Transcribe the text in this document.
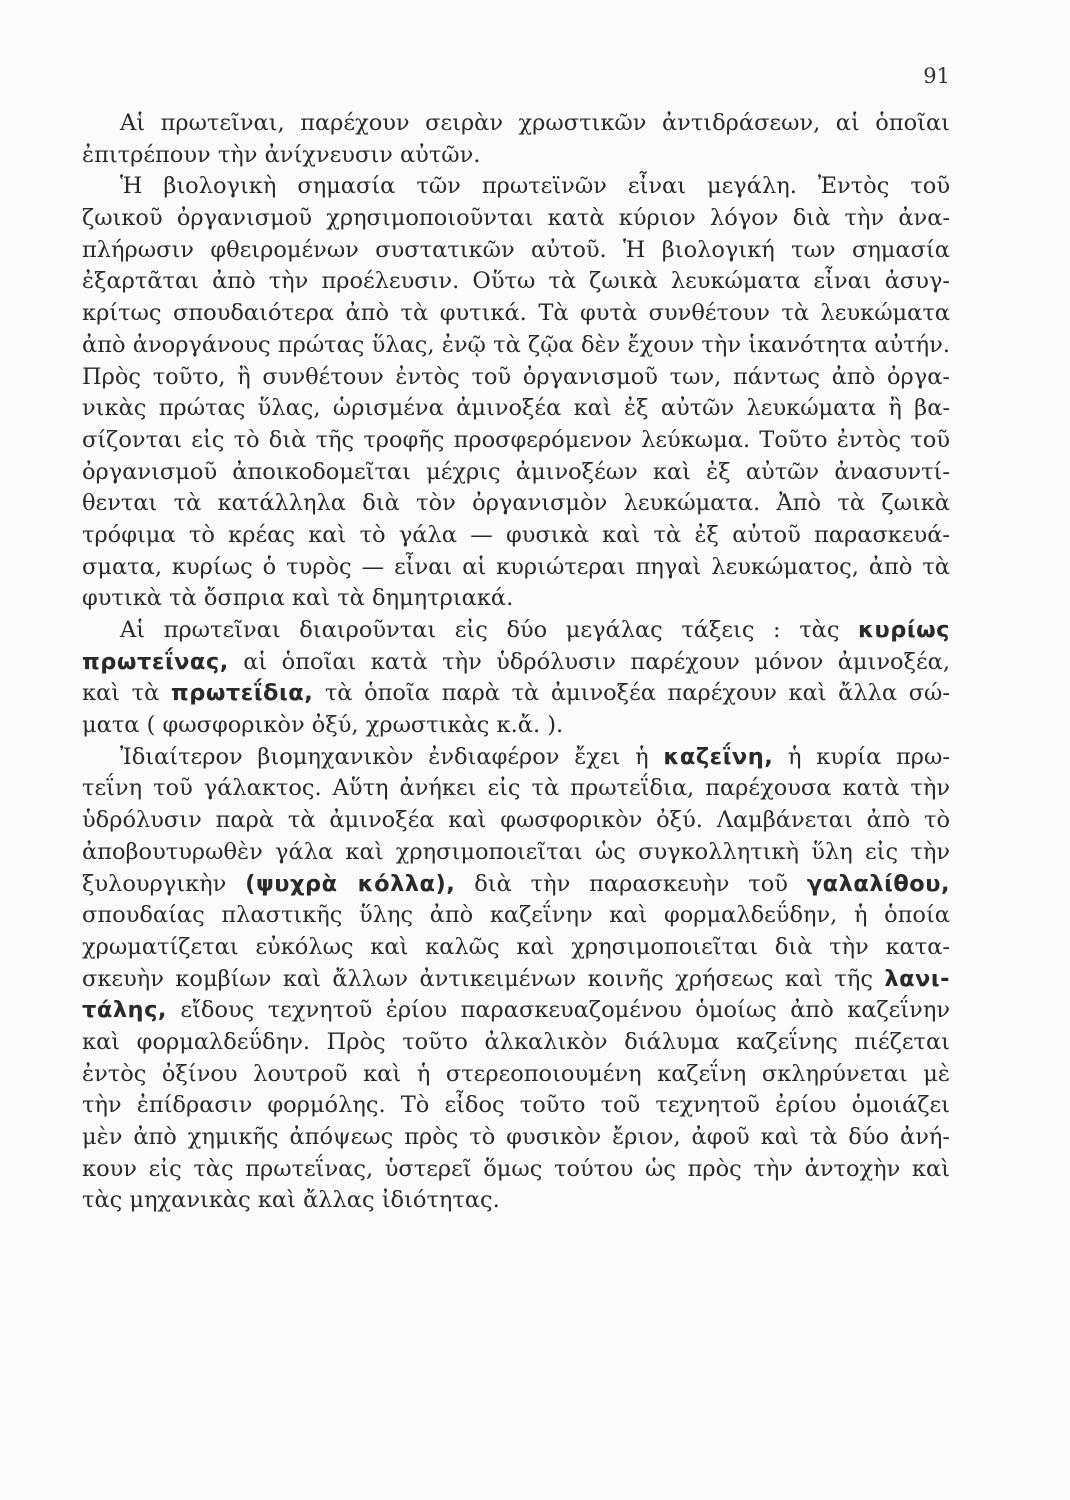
91
Αἱ πρωτεῖναι, παρέχουν σειρὰν χρωστικῶν ἀντιδράσεων, αἱ ὁποῖαι
ἐπιτρέπουν τὴν ἀνίχνευσιν αὐτῶν.
Ἡ βιολογικὴ σημασία τῶν πρωτεϊνῶν εἶναι μεγάλη. Ἐντὸς τοῦ
ζωικοῦ ὀργανισμοῦ χρησιμοποιοῦνται κατὰ κύριον λόγον διὰ τὴν ἀνα-
πλήρωσιν φθειρομένων συστατικῶν αὐτοῦ. Ἡ βιολογική των σημασία
ἐξαρτᾶται ἀπὸ τὴν προέλευσιν. Οὕτω τὰ ζωικὰ λευκώματα εἶναι ἀσυγ-
κρίτως σπουδαιότερα ἀπὸ τὰ φυτικά. Τὰ φυτὰ συνθέτουν τὰ λευκώματα
ἀπὸ ἀνοργάνους πρώτας ὕλας, ἐνῷ τὰ ζῷα δὲν ἔχουν τὴν ἱκανότητα αὐτήν.
Πρὸς τοῦτο, ἢ συνθέτουν ἐντὸς τοῦ ὀργανισμοῦ των, πάντως ἀπὸ ὀργα-
νικὰς πρώτας ὕλας, ὡρισμένα ἀμινοξέα καὶ ἐξ αὐτῶν λευκώματα ἢ βα-
σίζονται εἰς τὸ διὰ τῆς τροφῆς προσφερόμενον λεύκωμα. Τοῦτο ἐντὸς τοῦ
ὀργανισμοῦ ἀποικοδομεῖται μέχρις ἀμινοξέων καὶ ἐξ αὐτῶν ἀνασυντί-
θενται τὰ κατάλληλα διὰ τὸν ὀργανισμὸν λευκώματα. Ἀπὸ τὰ ζωικὰ
τρόφιμα τὸ κρέας καὶ τὸ γάλα — φυσικὰ καὶ τὰ ἐξ αὐτοῦ παρασκευά-
σματα, κυρίως ὁ τυρὸς — εἶναι αἱ κυριώτεραι πηγαὶ λευκώματος, ἀπὸ τὰ
φυτικὰ τὰ ὄσπρια καὶ τὰ δημητριακά.
Αἱ πρωτεῖναι διαιροῦνται εἰς δύο μεγάλας τάξεις : τὰς κυρίως
πρωτεΐνας, αἱ ὁποῖαι κατὰ τὴν ὑδρόλυσιν παρέχουν μόνον ἀμινοξέα,
καὶ τὰ πρωτεΐδια, τὰ ὁποῖα παρὰ τὰ ἀμινοξέα παρέχουν καὶ ἄλλα σώ-
ματα ( φωσφορικὸν ὀξύ, χρωστικὰς κ.ἄ. ).
Ἰδιαίτερον βιομηχανικὸν ἐνδιαφέρον ἔχει ἡ καζεΐνη, ἡ κυρία πρω-
τεΐνη τοῦ γάλακτος. Αὕτη ἀνήκει εἰς τὰ πρωτεΐδια, παρέχουσα κατὰ τὴν
ὑδρόλυσιν παρὰ τὰ ἀμινοξέα καὶ φωσφορικὸν ὀξύ. Λαμβάνεται ἀπὸ τὸ
ἀποβουτυρωθὲν γάλα καὶ χρησιμοποιεῖται ὡς συγκολλητικὴ ὕλη εἰς τὴν
ξυλουργικὴν (ψυχρὰ κόλλα), διὰ τὴν παρασκευὴν τοῦ γαλαλίθου,
σπουδαίας πλαστικῆς ὕλης ἀπὸ καζεΐνην καὶ φορμαλδεΰδην, ἡ ὁποία
χρωματίζεται εὐκόλως καὶ καλῶς καὶ χρησιμοποιεῖται διὰ τὴν κατα-
σκευὴν κομβίων καὶ ἄλλων ἀντικειμένων κοινῆς χρήσεως καὶ τῆς λανι-
τάλης, εἴδους τεχνητοῦ ἐρίου παρασκευαζομένου ὁμοίως ἀπὸ καζεΐνην
καὶ φορμαλδεΰδην. Πρὸς τοῦτο ἀλκαλικὸν διάλυμα καζεΐνης πιέζεται
ἐντὸς ὀξίνου λουτροῦ καὶ ἡ στερεοποιουμένη καζεΐνη σκληρύνεται μὲ
τὴν ἐπίδρασιν φορμόλης. Τὸ εἶδος τοῦτο τοῦ τεχνητοῦ ἐρίου ὁμοιάζει
μὲν ἀπὸ χημικῆς ἀπόψεως πρὸς τὸ φυσικὸν ἔριον, ἀφοῦ καὶ τὰ δύο ἀνή-
κουν εἰς τὰς πρωτεΐνας, ὑστερεῖ ὅμως τούτου ὡς πρὸς τὴν ἀντοχὴν καὶ
τὰς μηχανικὰς καὶ ἄλλας ἰδιότητας.
